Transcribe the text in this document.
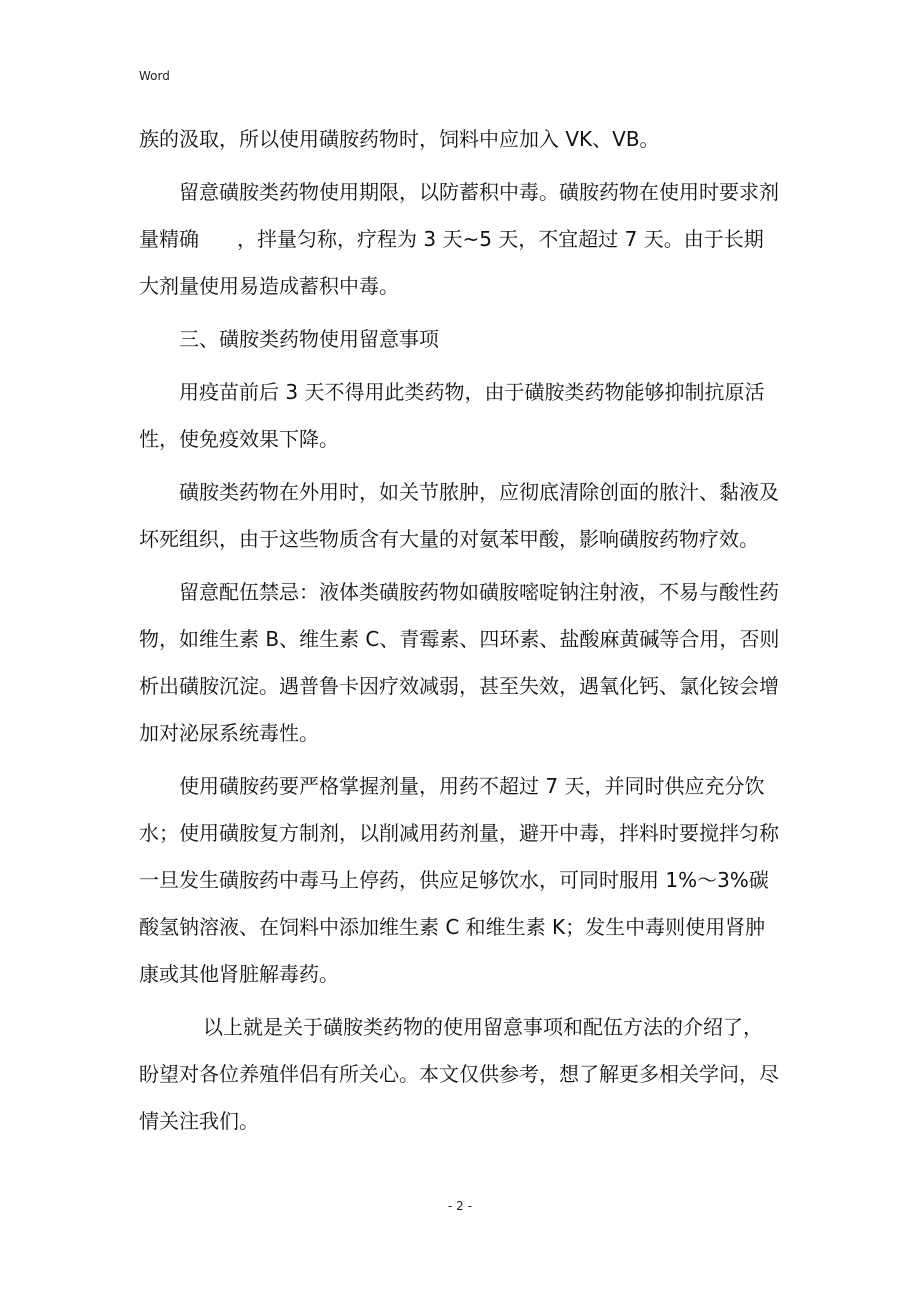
Word

族的汲取，所以使用磺胺药物时，饲料中应加入 VK、VB。

留意磺胺类药物使用期限，以防蓄积中毒。磺胺药物在使用时要求剂量精确 ，拌量匀称，疗程为 3 天~5 天，不宜超过 7 天。由于长期大剂量使用易造成蓄积中毒。

三、磺胺类药物使用留意事项

用疫苗前后 3 天不得用此类药物，由于磺胺类药物能够抑制抗原活性，使免疫效果下降。

磺胺类药物在外用时，如关节脓肿，应彻底清除创面的脓汁、黏液及坏死组织，由于这些物质含有大量的对氨苯甲酸，影响磺胺药物疗效。

留意配伍禁忌：液体类磺胺药物如磺胺嘧啶钠注射液，不易与酸性药物，如维生素 B、维生素 C、青霉素、四环素、盐酸麻黄碱等合用，否则析出磺胺沉淀。遇普鲁卡因疗效减弱，甚至失效，遇氧化钙、氯化铵会增加对泌尿系统毒性。

使用磺胺药要严格掌握剂量，用药不超过 7 天，并同时供应充分饮水；使用磺胺复方制剂，以削减用药剂量，避开中毒，拌料时要搅拌匀称一旦发生磺胺药中毒马上停药，供应足够饮水，可同时服用 1%～3%碳酸氢钠溶液、在饲料中添加维生素 C 和维生素 K；发生中毒则使用肾肿康或其他肾脏解毒药。

以上就是关于磺胺类药物的使用留意事项和配伍方法的介绍了，盼望对各位养殖伴侣有所关心。本文仅供参考，想了解更多相关学问，尽情关注我们。

- 2 -
